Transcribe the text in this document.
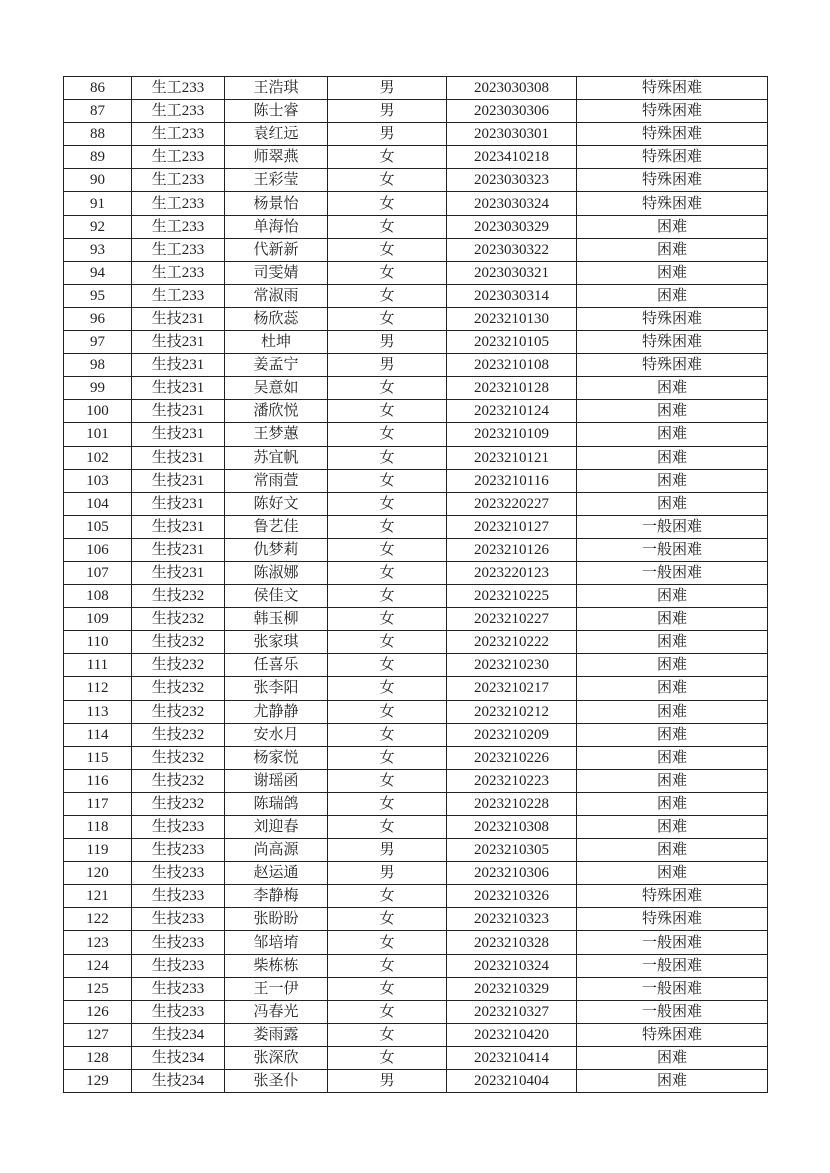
86	生工233	王浩琪	男	2023030308	特殊困难
87	生工233	陈士睿	男	2023030306	特殊困难
88	生工233	袁红远	男	2023030301	特殊困难
89	生工233	师翠燕	女	2023410218	特殊困难
90	生工233	王彩莹	女	2023030323	特殊困难
91	生工233	杨景怡	女	2023030324	特殊困难
92	生工233	单海怡	女	2023030329	困难
93	生工233	代新新	女	2023030322	困难
94	生工233	司雯婧	女	2023030321	困难
95	生工233	常淑雨	女	2023030314	困难
96	生技231	杨欣蕊	女	2023210130	特殊困难
97	生技231	杜坤	男	2023210105	特殊困难
98	生技231	姜孟宁	男	2023210108	特殊困难
99	生技231	吴意如	女	2023210128	困难
100	生技231	潘欣悦	女	2023210124	困难
101	生技231	王梦蕙	女	2023210109	困难
102	生技231	苏宜帆	女	2023210121	困难
103	生技231	常雨萱	女	2023210116	困难
104	生技231	陈好文	女	2023220227	困难
105	生技231	鲁艺佳	女	2023210127	一般困难
106	生技231	仇梦莉	女	2023210126	一般困难
107	生技231	陈淑娜	女	2023220123	一般困难
108	生技232	侯佳文	女	2023210225	困难
109	生技232	韩玉柳	女	2023210227	困难
110	生技232	张家琪	女	2023210222	困难
111	生技232	任喜乐	女	2023210230	困难
112	生技232	张李阳	女	2023210217	困难
113	生技232	尤静静	女	2023210212	困难
114	生技232	安水月	女	2023210209	困难
115	生技232	杨家悦	女	2023210226	困难
116	生技232	谢瑶函	女	2023210223	困难
117	生技232	陈瑞鸽	女	2023210228	困难
118	生技233	刘迎春	女	2023210308	困难
119	生技233	尚高源	男	2023210305	困难
120	生技233	赵运通	男	2023210306	困难
121	生技233	李静梅	女	2023210326	特殊困难
122	生技233	张盼盼	女	2023210323	特殊困难
123	生技233	邹培堉	女	2023210328	一般困难
124	生技233	柴栋栋	女	2023210324	一般困难
125	生技233	王一伊	女	2023210329	一般困难
126	生技233	冯春光	女	2023210327	一般困难
127	生技234	娄雨露	女	2023210420	特殊困难
128	生技234	张深欣	女	2023210414	困难
129	生技234	张圣仆	男	2023210404	困难
